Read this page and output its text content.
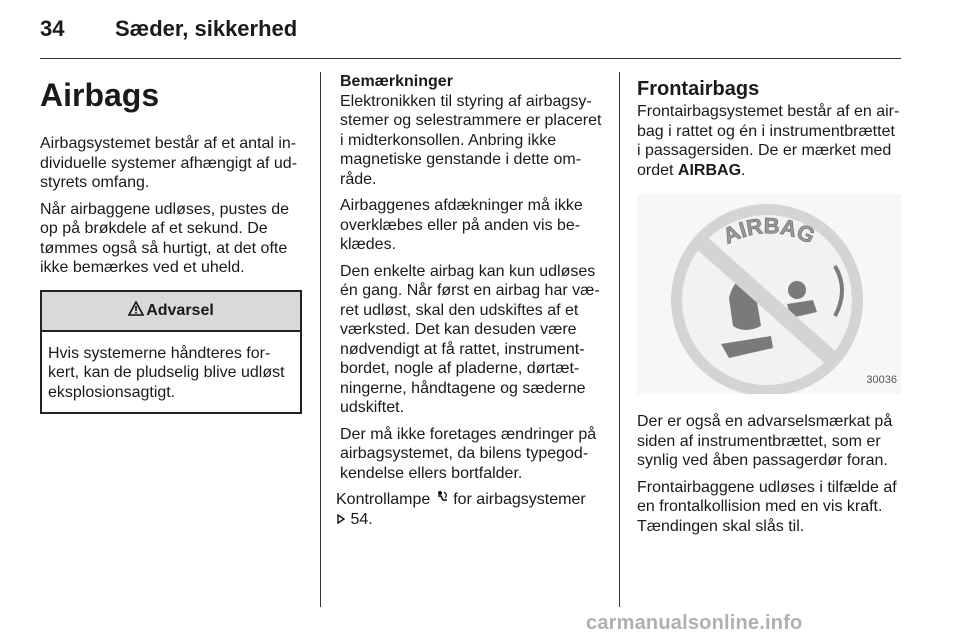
34 Sæder, sikkerhed
Airbags

Airbagsystemet består af et antal individuelle systemer afhængigt af udstyrets omfang.

Når airbaggene udløses, pustes de op på brøkdele af et sekund. De tømmes også så hurtigt, at det ofte ikke bemærkes ved et uheld.

Advarsel
Hvis systemerne håndteres forkert, kan de pludselig blive udløst eksplosionsagtigt.
Bemærkninger

Elektronikken til styring af airbagsystemer og selestrammere er placeret i midterkonsollen. Anbring ikke magnetiske genstande i dette område.

Airbaggenes afdækninger må ikke overklæbes eller på anden vis beklædes.

Den enkelte airbag kan kun udløses én gang. Når først en airbag har været udløst, skal den udskiftes af et værksted. Det kan desuden være nødvendigt at få rattet, instrumentbordet, nogle af pladerne, dørtætningerne, håndtagene og sæderne udskiftet.

Der må ikke foretages ændringer på airbagsystemet, da bilens typegodkendelse ellers bortfalder.

Kontrollampe for airbagsystemer
54.

Frontairbags

Frontairbagsystemet består af en airbag i rattet og én i instrumentbrættet i passagersiden. De er mærket med ordet AIRBAG.

AIRBAG
30036

Der er også en advarselsmærkat på siden af instrumentbrættet, som er synlig ved åben passagerdør foran.

Frontairbaggene udløses i tilfælde af en frontalkollision med en vis kraft. Tændingen skal slås til.

carmanualsonline.info
